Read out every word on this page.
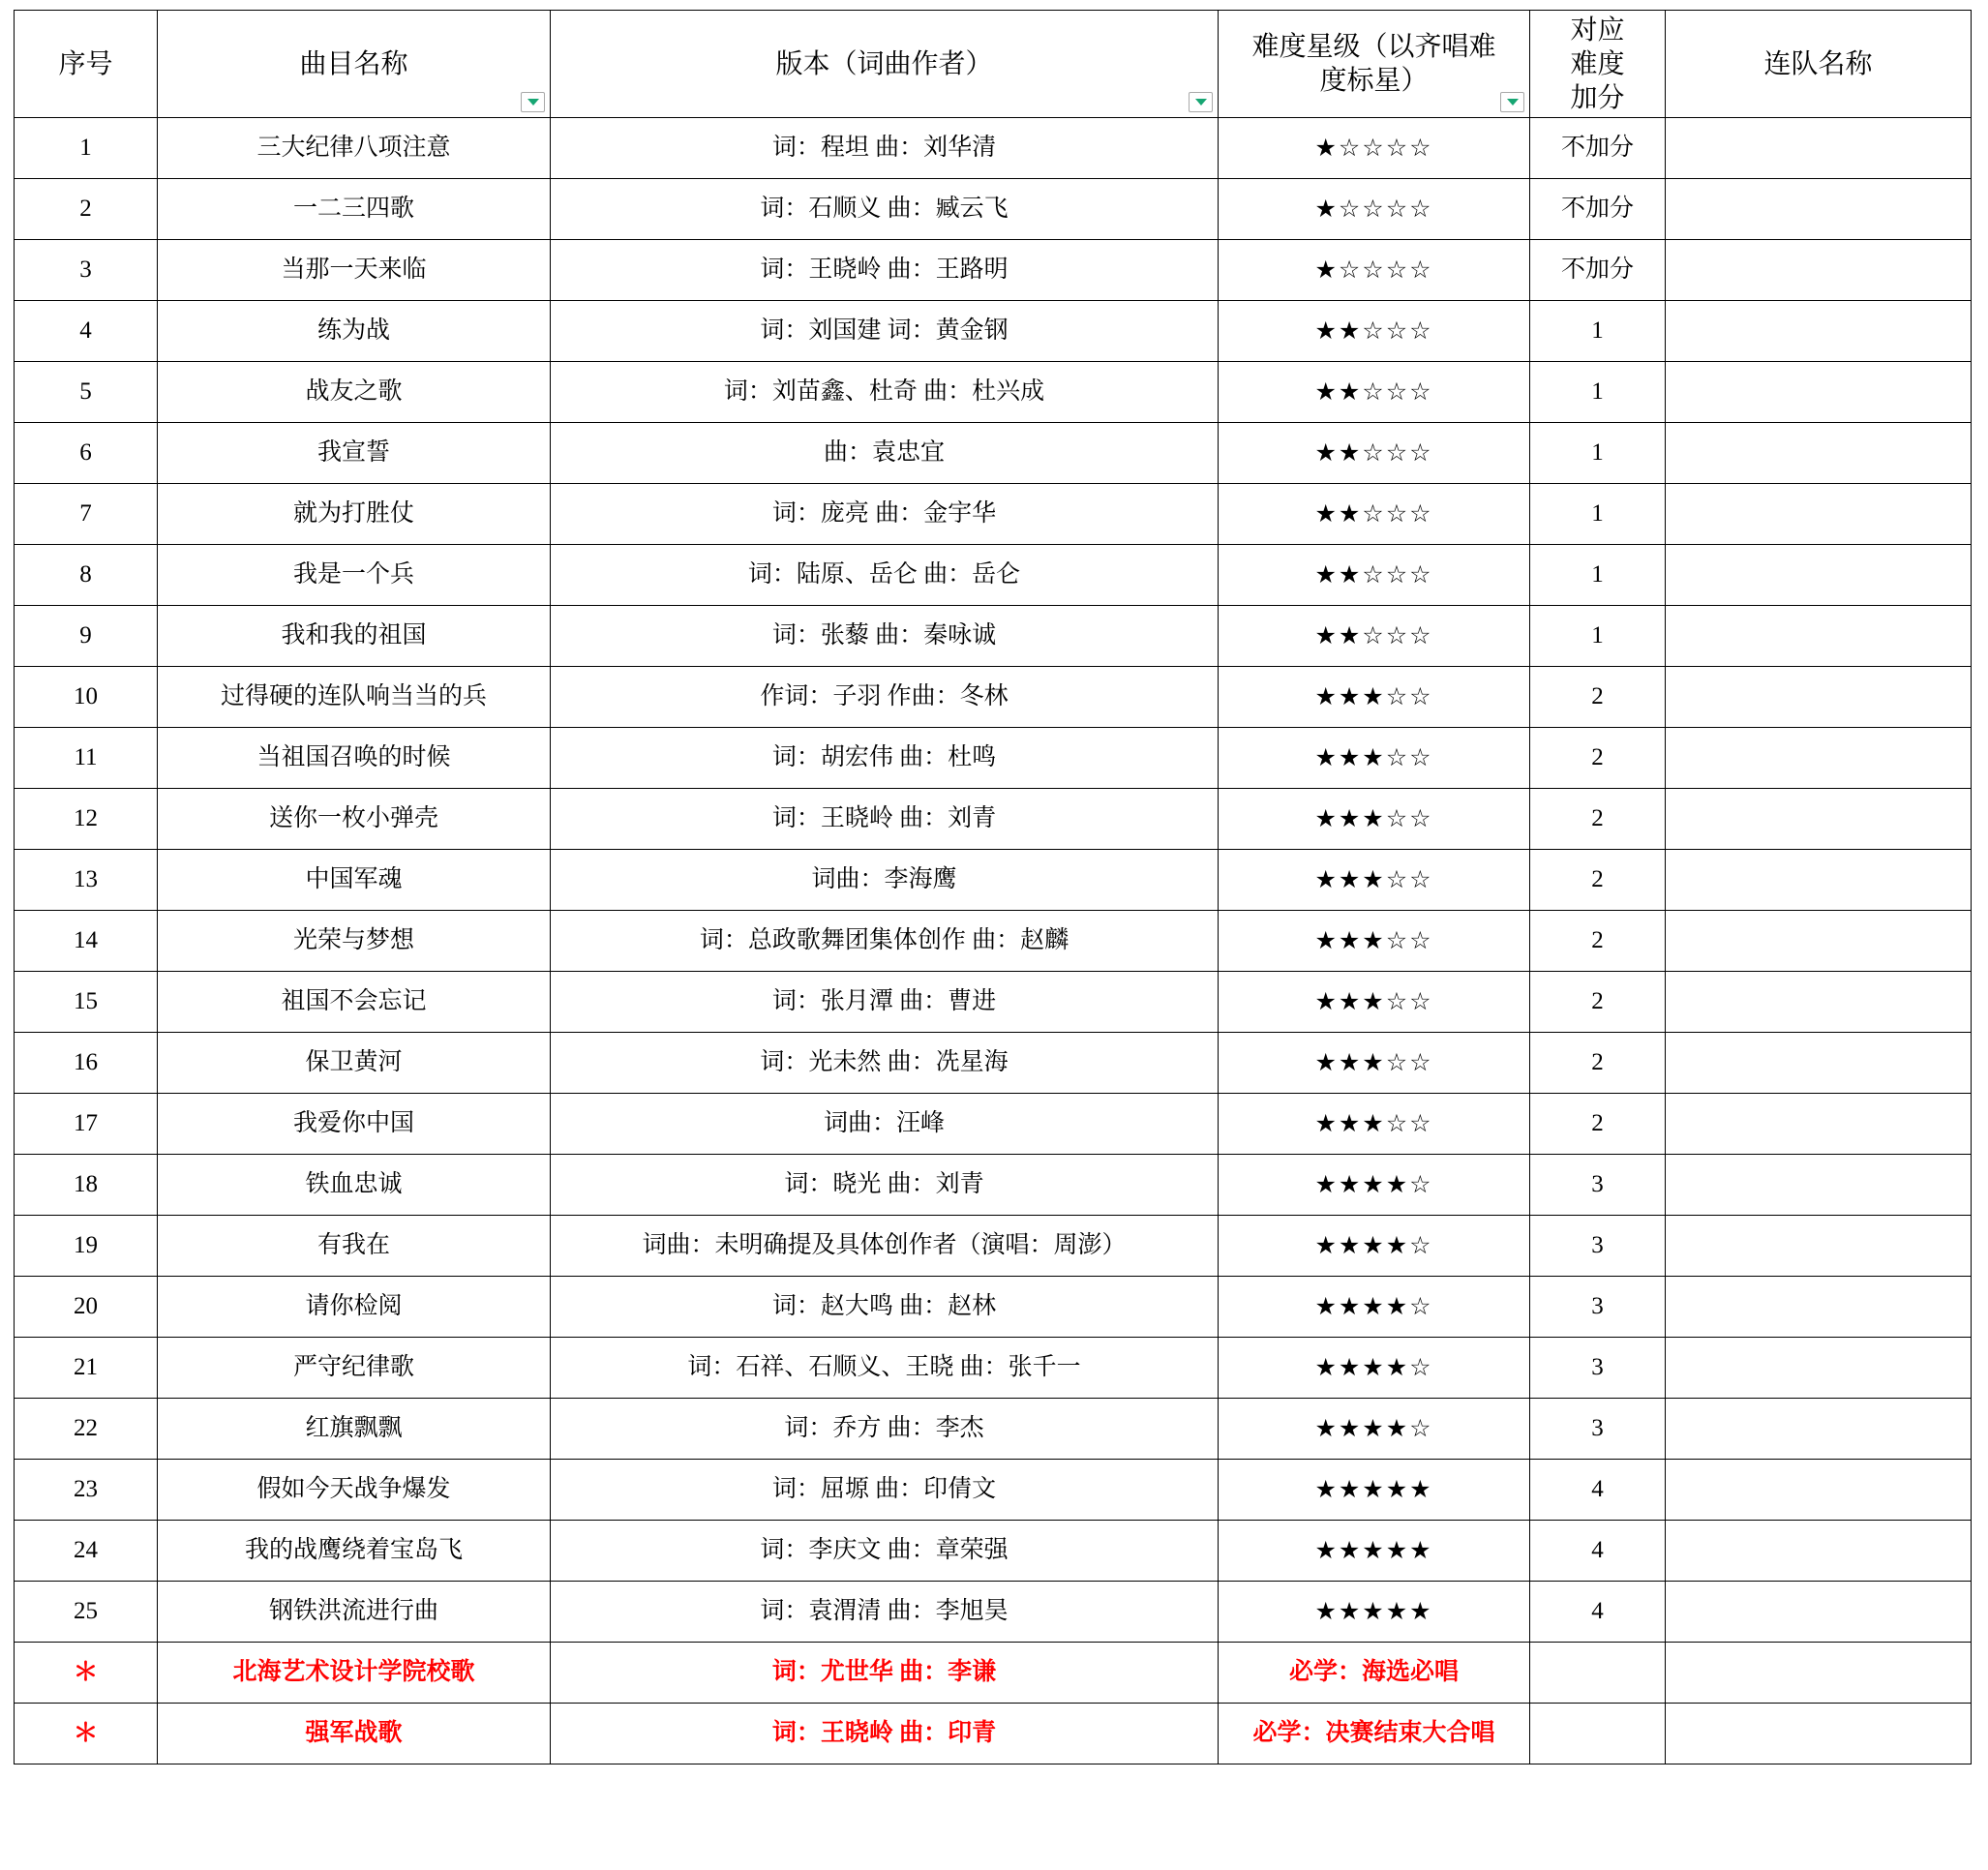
序号	曲目名称	版本（词曲作者）	难度星级（以齐唱难度标星）	对应难度加分	连队名称

1	三大纪律八项注意	词：程坦 曲：刘华清	★☆☆☆☆	不加分	
2	一二三四歌	词：石顺义 曲：臧云飞	★☆☆☆☆	不加分	
3	当那一天来临	词：王晓岭 曲：王路明	★☆☆☆☆	不加分	
4	练为战	词：刘国建 词：黄金钢	★★☆☆☆	1	
5	战友之歌	词：刘苗鑫、杜奇 曲：杜兴成	★★☆☆☆	1	
6	我宣誓	曲：袁忠宜	★★☆☆☆	1	
7	就为打胜仗	词：庞亮 曲：金宇华	★★☆☆☆	1	
8	我是一个兵	词：陆原、岳仑 曲：岳仑	★★☆☆☆	1	
9	我和我的祖国	词：张藜 曲：秦咏诚	★★☆☆☆	1	
10	过得硬的连队响当当的兵	作词：子羽 作曲：冬林	★★★☆☆	2	
11	当祖国召唤的时候	词：胡宏伟 曲：杜鸣	★★★☆☆	2	
12	送你一枚小弹壳	词：王晓岭 曲：刘青	★★★☆☆	2	
13	中国军魂	词曲：李海鹰	★★★☆☆	2	
14	光荣与梦想	词：总政歌舞团集体创作 曲：赵麟	★★★☆☆	2	
15	祖国不会忘记	词：张月潭 曲：曹进	★★★☆☆	2	
16	保卫黄河	词：光未然 曲：冼星海	★★★☆☆	2	
17	我爱你中国	词曲：汪峰	★★★☆☆	2	
18	铁血忠诚	词：晓光 曲：刘青	★★★★☆	3	
19	有我在	词曲：未明确提及具体创作者（演唱：周澎）	★★★★☆	3	
20	请你检阅	词：赵大鸣 曲：赵林	★★★★☆	3	
21	严守纪律歌	词：石祥、石顺义、王晓 曲：张千一	★★★★☆	3	
22	红旗飘飘	词：乔方 曲：李杰	★★★★☆	3	
23	假如今天战争爆发	词：屈塬 曲：印倩文	★★★★★	4	
24	我的战鹰绕着宝岛飞	词：李庆文 曲：章荣强	★★★★★	4	
25	钢铁洪流进行曲	词：袁渭清 曲：李旭昊	★★★★★	4	
＊	北海艺术设计学院校歌	词：尤世华 曲：李谦	必学：海选必唱		
＊	强军战歌	词：王晓岭 曲：印青	必学：决赛结束大合唱		
